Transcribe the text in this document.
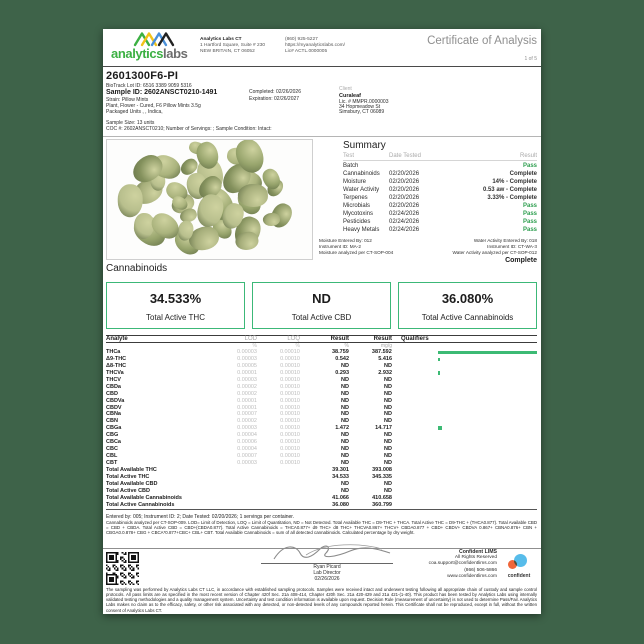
analyticslabs
Analytics Labs CT
1 Hartford Square, Suite # 230
NEW BRITAIN, CT 06052
(860) 925-5227
https://myanalyticslabs.com/
Lic# ACTL.0000005
Certificate of Analysis
1 of 5
2601300F6-PI
BioTrack Lot ID: 6516 3389 9059 5316
Sample ID: 2602ANSCT0210-1491	Completed: 02/26/2026
Expiration: 02/26/2027
Strain: Pillow Mints
Plant, Flower - Cured, F6 Pillow Mints 3.5g
Packaged Units , , Indica,
Sample Size: 13 units
COC #: 2602ANSCT0210; Number of Servings: ; Sample Condition: Intact:
Client
Curaleaf
Lic. # MMPR.0000003
34 Hopmeadow St
Simsbury, CT 06089
Summary
Test	Date Tested	Result
Batch	Pass
Cannabinoids	02/20/2026	Complete
Moisture	02/20/2026	14% - Complete
Water Activity	02/20/2026	0.53 aw - Complete
Terpenes	02/20/2026	3.33% - Complete
Microbials	02/20/2026	Pass
Mycotoxins	02/24/2026	Pass
Pesticides	02/24/2026	Pass
Heavy Metals	02/24/2026	Pass
Moisture Entered By: 012
Instrument ID: MA-2
Moisture analyzed per CT-SOP-004
Water Activity Entered By: 018
Instrument ID: CT-WA-3
Water Activity analyzed per CT-SOP-012
Complete
Cannabinoids
34.533%
Total Active THC
ND
Total Active CBD
36.080%
Total Active Cannabinoids
Analyte	LOD	LOQ	Result	Result	Qualifiers
%	%	%	mg/g
THCa	0.00003	0.00010	38.759	387.592
Δ9-THC	0.00003	0.00010	0.542	5.416
Δ8-THC	0.00005	0.00010	ND	ND
THCVa	0.00001	0.00010	0.293	2.932
THCV	0.00003	0.00010	ND	ND
CBDa	0.00002	0.00010	ND	ND
CBD	0.00002	0.00010	ND	ND
CBDVa	0.00001	0.00010	ND	ND
CBDV	0.00001	0.00010	ND	ND
CBNa	0.00007	0.00010	ND	ND
CBN	0.00002	0.00010	ND	ND
CBGa	0.00003	0.00010	1.472	14.717
CBG	0.00004	0.00010	ND	ND
CBCa	0.00006	0.00010	ND	ND
CBC	0.00004	0.00010	ND	ND
CBL	0.00007	0.00010	ND	ND
CBT	0.00003	0.00010	ND	ND
Total Available THC	39.301	393.008
Total Active THC	34.533	345.335
Total Available CBD	ND	ND
Total Active CBD	ND	ND
Total Available Cannabinoids	41.066	410.658
Total Active Cannabinoids	36.080	360.799
Entered by: 005; Instrument ID: 2; Date Tested: 02/20/2026; 1 servings per container.
Cannabinoids analyzed per CT-SOP-009. LOD= Limit of Detection, LOQ = Limit of Quantitation, ND = Not Detected. Total Available THC = D9-THC + THCA. Total Active THC = D9-THC + (THCA0.877). Total Available CBD = CBD + CBDA. Total Active CBD = CBD+(CBDA0.877). Total Active Cannabinoids = THCA0.877+ d9 THC+ d8 THC+ THCVA0.867+ THCV+ CBDA0.877 + CBD+ CBDV+ CBDVA 0.867+ CBNA0.876+ CBN + CBGA0.0.878+ CBG + CBCA*0.877+CBC+ CBL+ CBT. Total Available Cannabinoids = sum of all detected cannabinoids. Calculated percentage by dry weight.
Ryan Picard
Lab Director
02/26/2026
Confident LIMS
All Rights Reserved
coa.support@confidentlims.com
(866) 506-5866
www.confidentlims.com	confident
The sampling was performed by Analytics Labs CT LLC, in accordance with established sampling protocols. Samples were received intact and underwent testing following all appropriate chain of custody and sample control protocols. All pass limits are as specified in the most recent version of Chapter 420f Sec. 21a 408-414, Chapter 420h Sec. 21a 420-429 and 21a 421-(1-40). This product has been tested by Analytics Labs using internally validated testing methodologies and a quality management system. Uncertainty and test condition information is available upon request. Decision Rule (measurement of uncertainty) is not used to determine Pass/Fail. Analytics Labs makes no claim as to the efficacy, safety, or other risk associated with any detected, or non-detected levels of any compounds reported herein. This Certificate shall not be reproduced, except in full, without the written consent of Analytics Labs CT.
